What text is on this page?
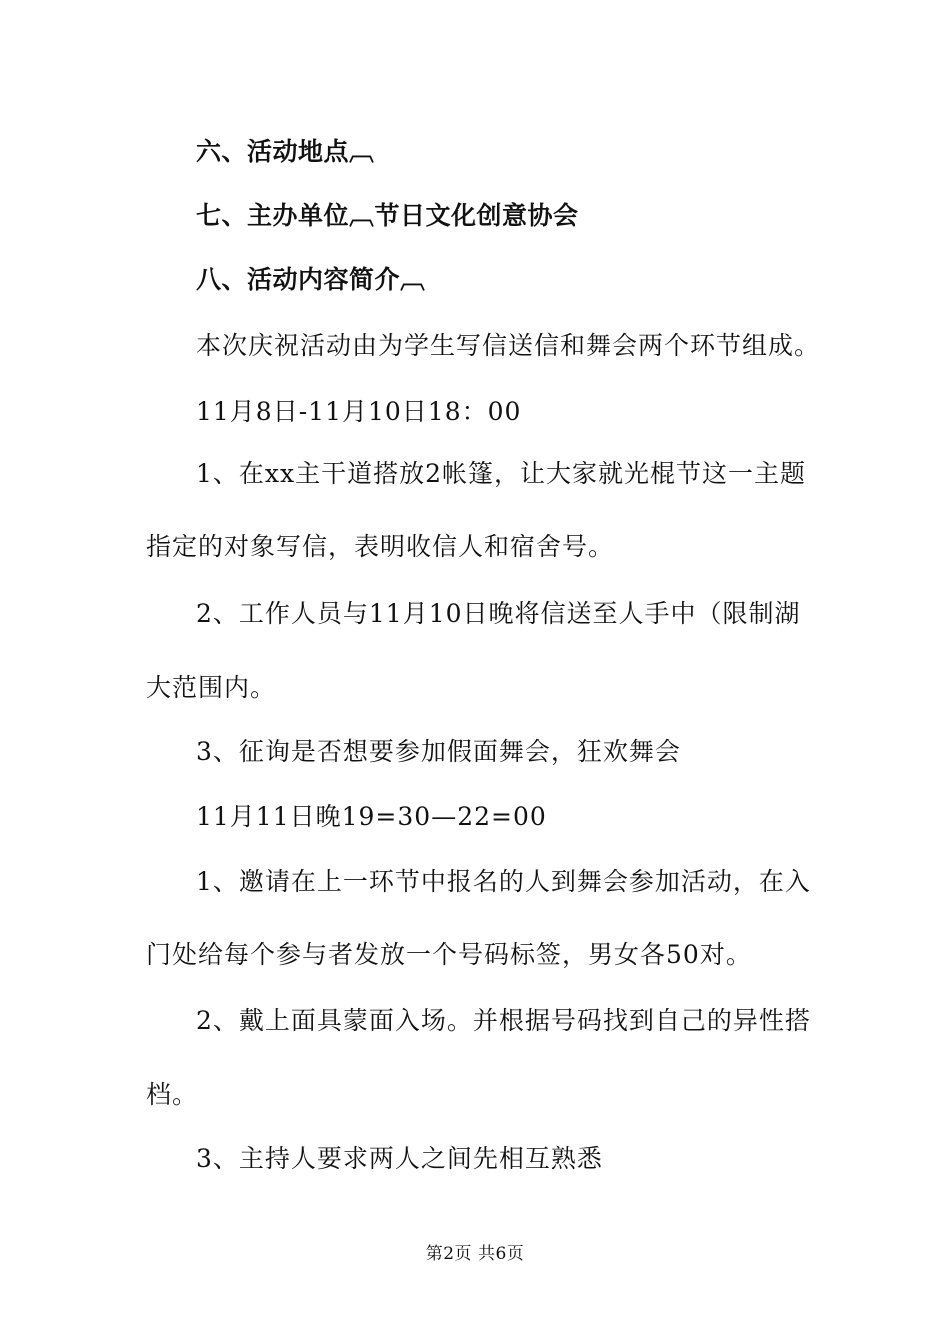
六、活动地点︹
七、主办单位︹节日文化创意协会
八、活动内容简介︹
本次庆祝活动由为学生写信送信和舞会两个环节组成。
11月8日-11月10日18：00
1、在xx主干道搭放2帐篷，让大家就光棍节这一主题
指定的对象写信，表明收信人和宿舍号。
2、工作人员与11月10日晚将信送至人手中（限制湖
大范围内。
3、征询是否想要参加假面舞会，狂欢舞会
11月11日晚19=30—22=00
1、邀请在上一环节中报名的人到舞会参加活动，在入
门处给每个参与者发放一个号码标签，男女各50对。
2、戴上面具蒙面入场。并根据号码找到自己的异性搭
档。
3、主持人要求两人之间先相互熟悉
第2页 共6页
